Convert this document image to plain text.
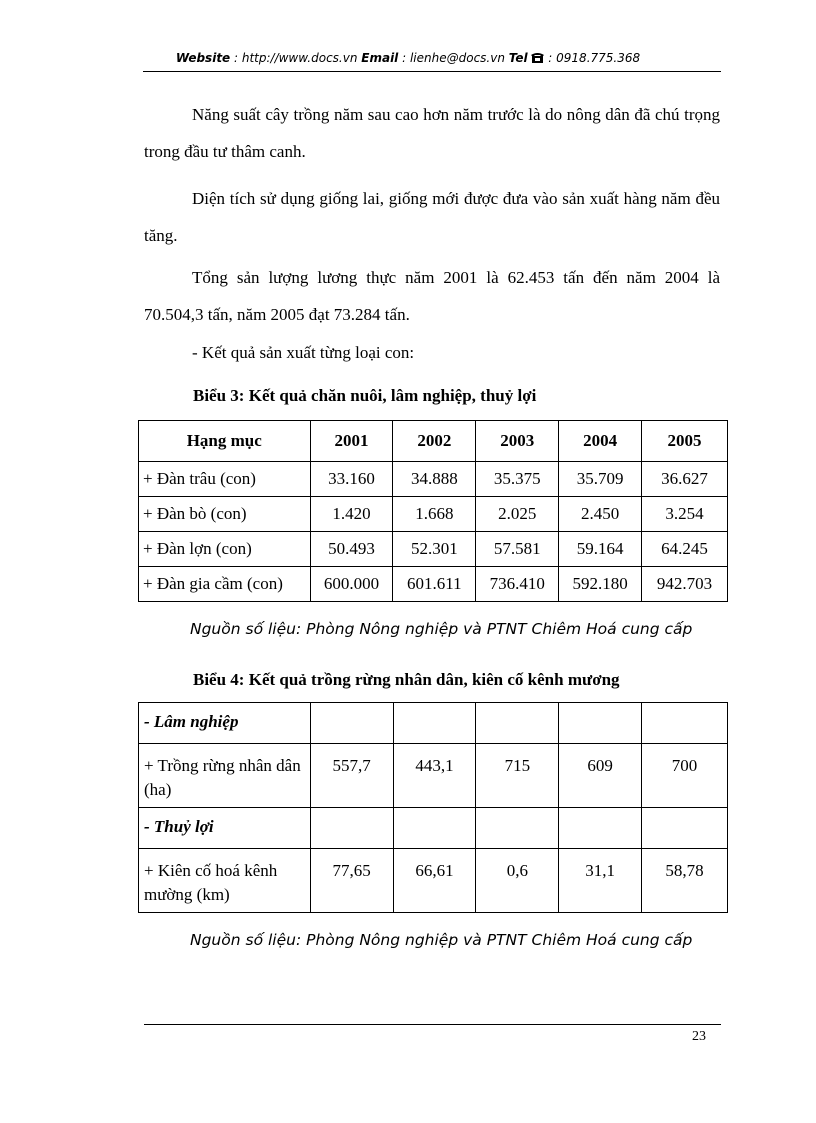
Website : http://www.docs.vn Email : lienhe@docs.vn Tel  : 0918.775.368
Năng suất cây trồng năm sau cao hơn năm trước là do nông dân đã chú trọng trong đầu tư thâm canh.
Diện tích sử dụng giống lai, giống mới được đưa vào sản xuất hàng năm đều tăng.
Tổng sản lượng lương thực năm 2001 là 62.453 tấn đến năm 2004 là 70.504,3 tấn, năm 2005 đạt 73.284 tấn.
- Kết quả sản xuất từng loại con:
Biểu 3: Kết quả chăn nuôi, lâm nghiệp, thuỷ lợi
Hạng mục	2001	2002	2003	2004	2005
+ Đàn trâu (con)	33.160	34.888	35.375	35.709	36.627
+ Đàn bò (con)	1.420	1.668	2.025	2.450	3.254
+ Đàn lợn (con)	50.493	52.301	57.581	59.164	64.245
+ Đàn gia cầm (con)	600.000	601.611	736.410	592.180	942.703
Nguồn số liệu: Phòng Nông nghiệp và PTNT Chiêm Hoá cung cấp
Biểu 4: Kết quả trồng rừng nhân dân, kiên cố kênh mương
- Lâm nghiệp					
+ Trồng rừng nhân dân (ha)	557,7	443,1	715	609	700
- Thuỷ lợi					
+ Kiên cố hoá kênh mường (km)	77,65	66,61	0,6	31,1	58,78
Nguồn số liệu: Phòng Nông nghiệp và PTNT Chiêm Hoá cung cấp
23
